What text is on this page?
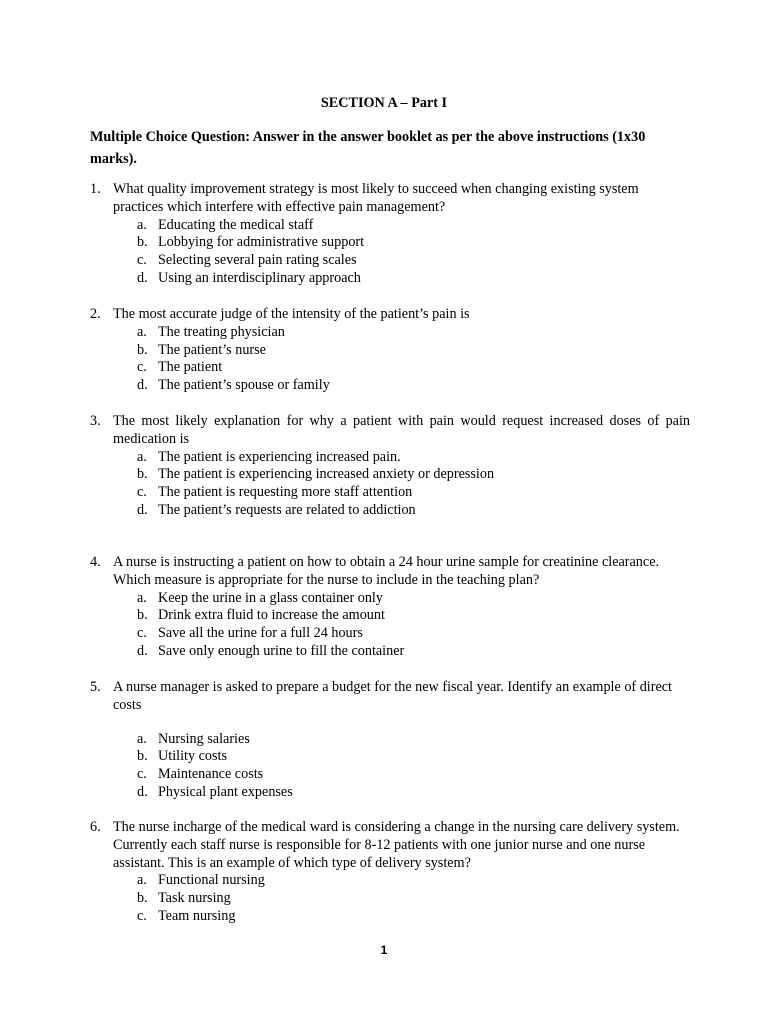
SECTION A – Part I

Multiple Choice Question: Answer in the answer booklet as per the above instructions (1x30 marks).

1. What quality improvement strategy is most likely to succeed when changing existing system practices which interfere with effective pain management?
a. Educating the medical staff
b. Lobbying for administrative support
c. Selecting several pain rating scales
d. Using an interdisciplinary approach
2. The most accurate judge of the intensity of the patient’s pain is
a. The treating physician
b. The patient’s nurse
c. The patient
d. The patient’s spouse or family
3. The most likely explanation for why a patient with pain would request increased doses of pain medication is
a. The patient is experiencing increased pain.
b. The patient is experiencing increased anxiety or depression
c. The patient is requesting more staff attention
d. The patient’s requests are related to addiction
4. A nurse is instructing a patient on how to obtain a 24 hour urine sample for creatinine clearance. Which measure is appropriate for the nurse to include in the teaching plan?
a. Keep the urine in a glass container only
b. Drink extra fluid to increase the amount
c. Save all the urine for a full 24 hours
d. Save only enough urine to fill the container
5. A nurse manager is asked to prepare a budget for the new fiscal year. Identify an example of direct costs
a. Nursing salaries
b. Utility costs
c. Maintenance costs
d. Physical plant expenses
6. The nurse incharge of the medical ward is considering a change in the nursing care delivery system. Currently each staff nurse is responsible for 8-12 patients with one junior nurse and one nurse assistant. This is an example of which type of delivery system?
a. Functional nursing
b. Task nursing
c. Team nursing
1
